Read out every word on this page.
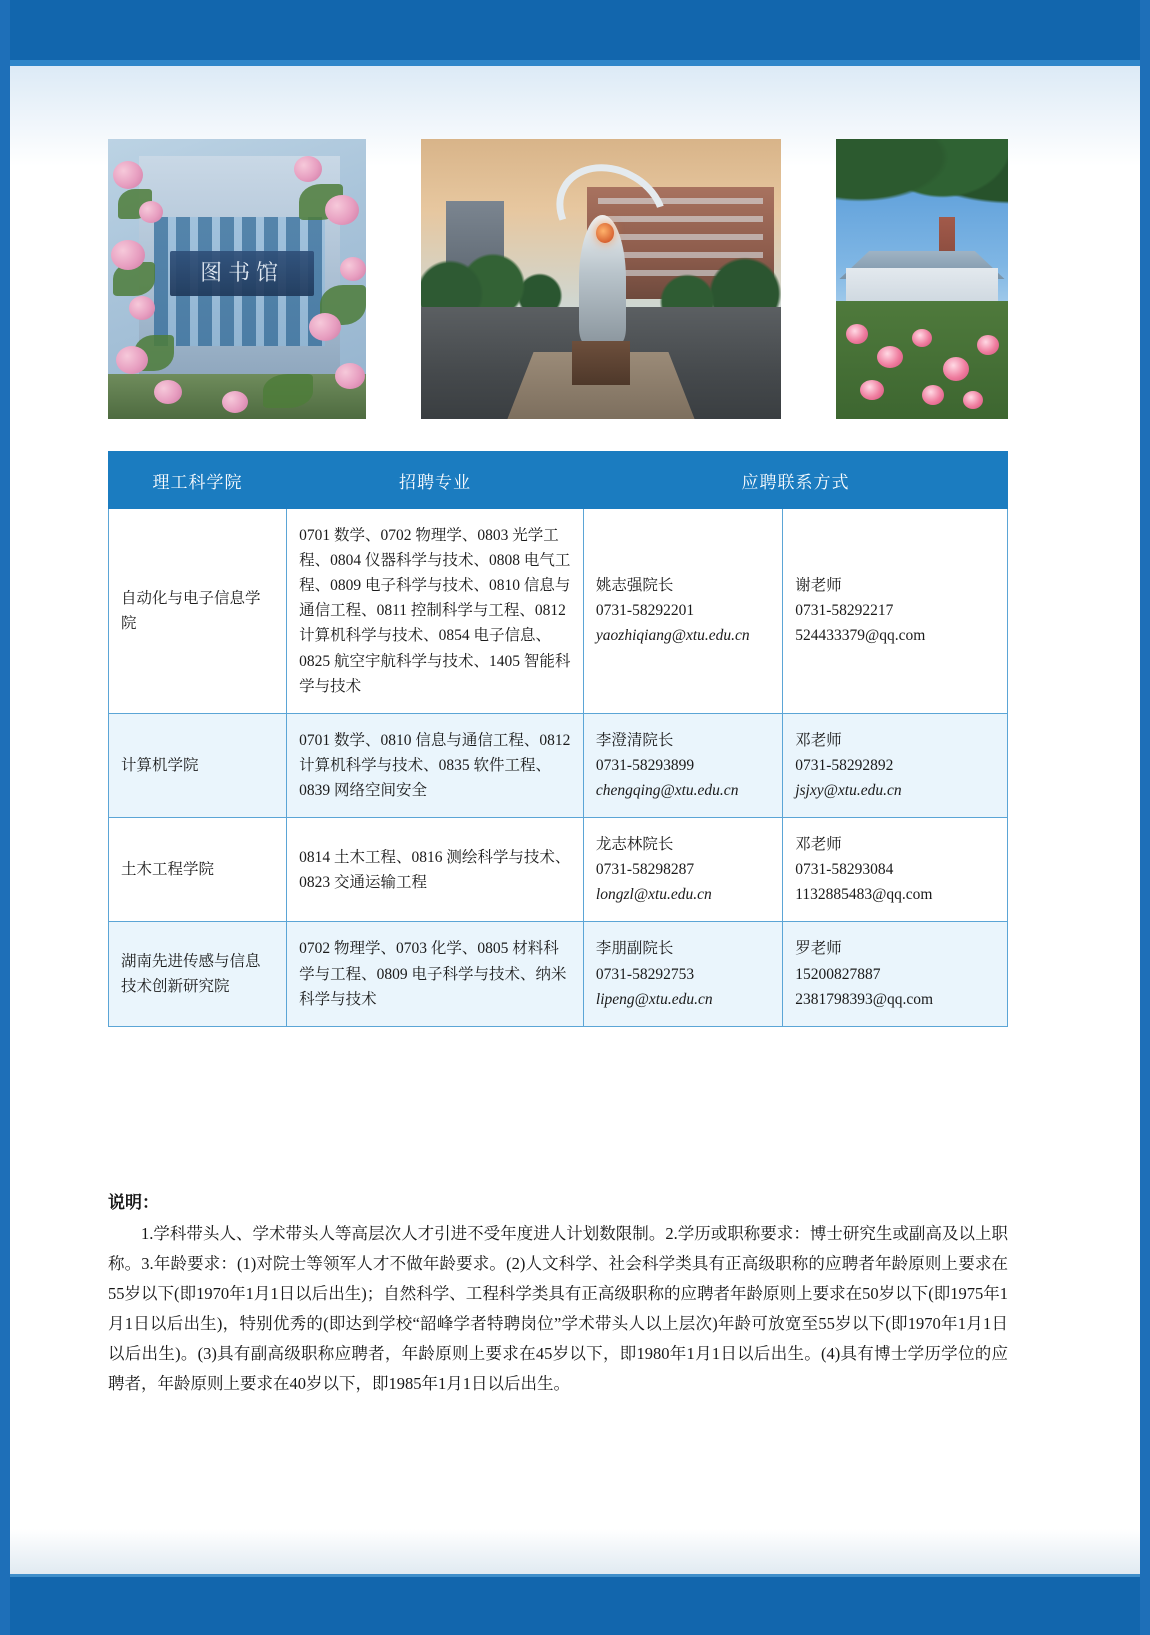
图书馆
理工科学院	招聘专业	应聘联系方式	
自动化与电子信息学院	0701 数学、0702 物理学、0803 光学工程、0804 仪器科学与技术、0808 电气工程、0809 电子科学与技术、0810 信息与通信工程、0811 控制科学与工程、0812 计算机科学与技术、0854 电子信息、0825 航空宇航科学与技术、1405 智能科学与技术	姚志强院长
0731-58292201
yaozhiqiang@xtu.edu.cn	谢老师
0731-58292217
524433379@qq.com

计算机学院	0701 数学、0810 信息与通信工程、0812 计算机科学与技术、0835 软件工程、0839 网络空间安全	李澄清院长
0731-58293899
chengqing@xtu.edu.cn	邓老师
0731-58292892
jsjxy@xtu.edu.cn

土木工程学院	0814 土木工程、0816 测绘科学与技术、0823 交通运输工程	龙志林院长
0731-58298287
longzl@xtu.edu.cn	邓老师
0731-58293084
1132885483@qq.com

湖南先进传感与信息技术创新研究院	0702 物理学、0703 化学、0805 材料科学与工程、0809 电子科学与技术、纳米科学与技术	李朋副院长
0731-58292753
lipeng@xtu.edu.cn	罗老师
15200827887
2381798393@qq.com
说明：
1.学科带头人、学术带头人等高层次人才引进不受年度进人计划数限制。2.学历或职称要求：博士研究生或副高及以上职称。3.年龄要求：(1)对院士等领军人才不做年龄要求。(2)人文科学、社会科学类具有正高级职称的应聘者年龄原则上要求在55岁以下(即1970年1月1日以后出生)；自然科学、工程科学类具有正高级职称的应聘者年龄原则上要求在50岁以下(即1975年1月1日以后出生)，特别优秀的(即达到学校“韶峰学者特聘岗位”学术带头人以上层次)年龄可放宽至55岁以下(即1970年1月1日以后出生)。(3)具有副高级职称应聘者，年龄原则上要求在45岁以下，即1980年1月1日以后出生。(4)具有博士学历学位的应聘者，年龄原则上要求在40岁以下，即1985年1月1日以后出生。
